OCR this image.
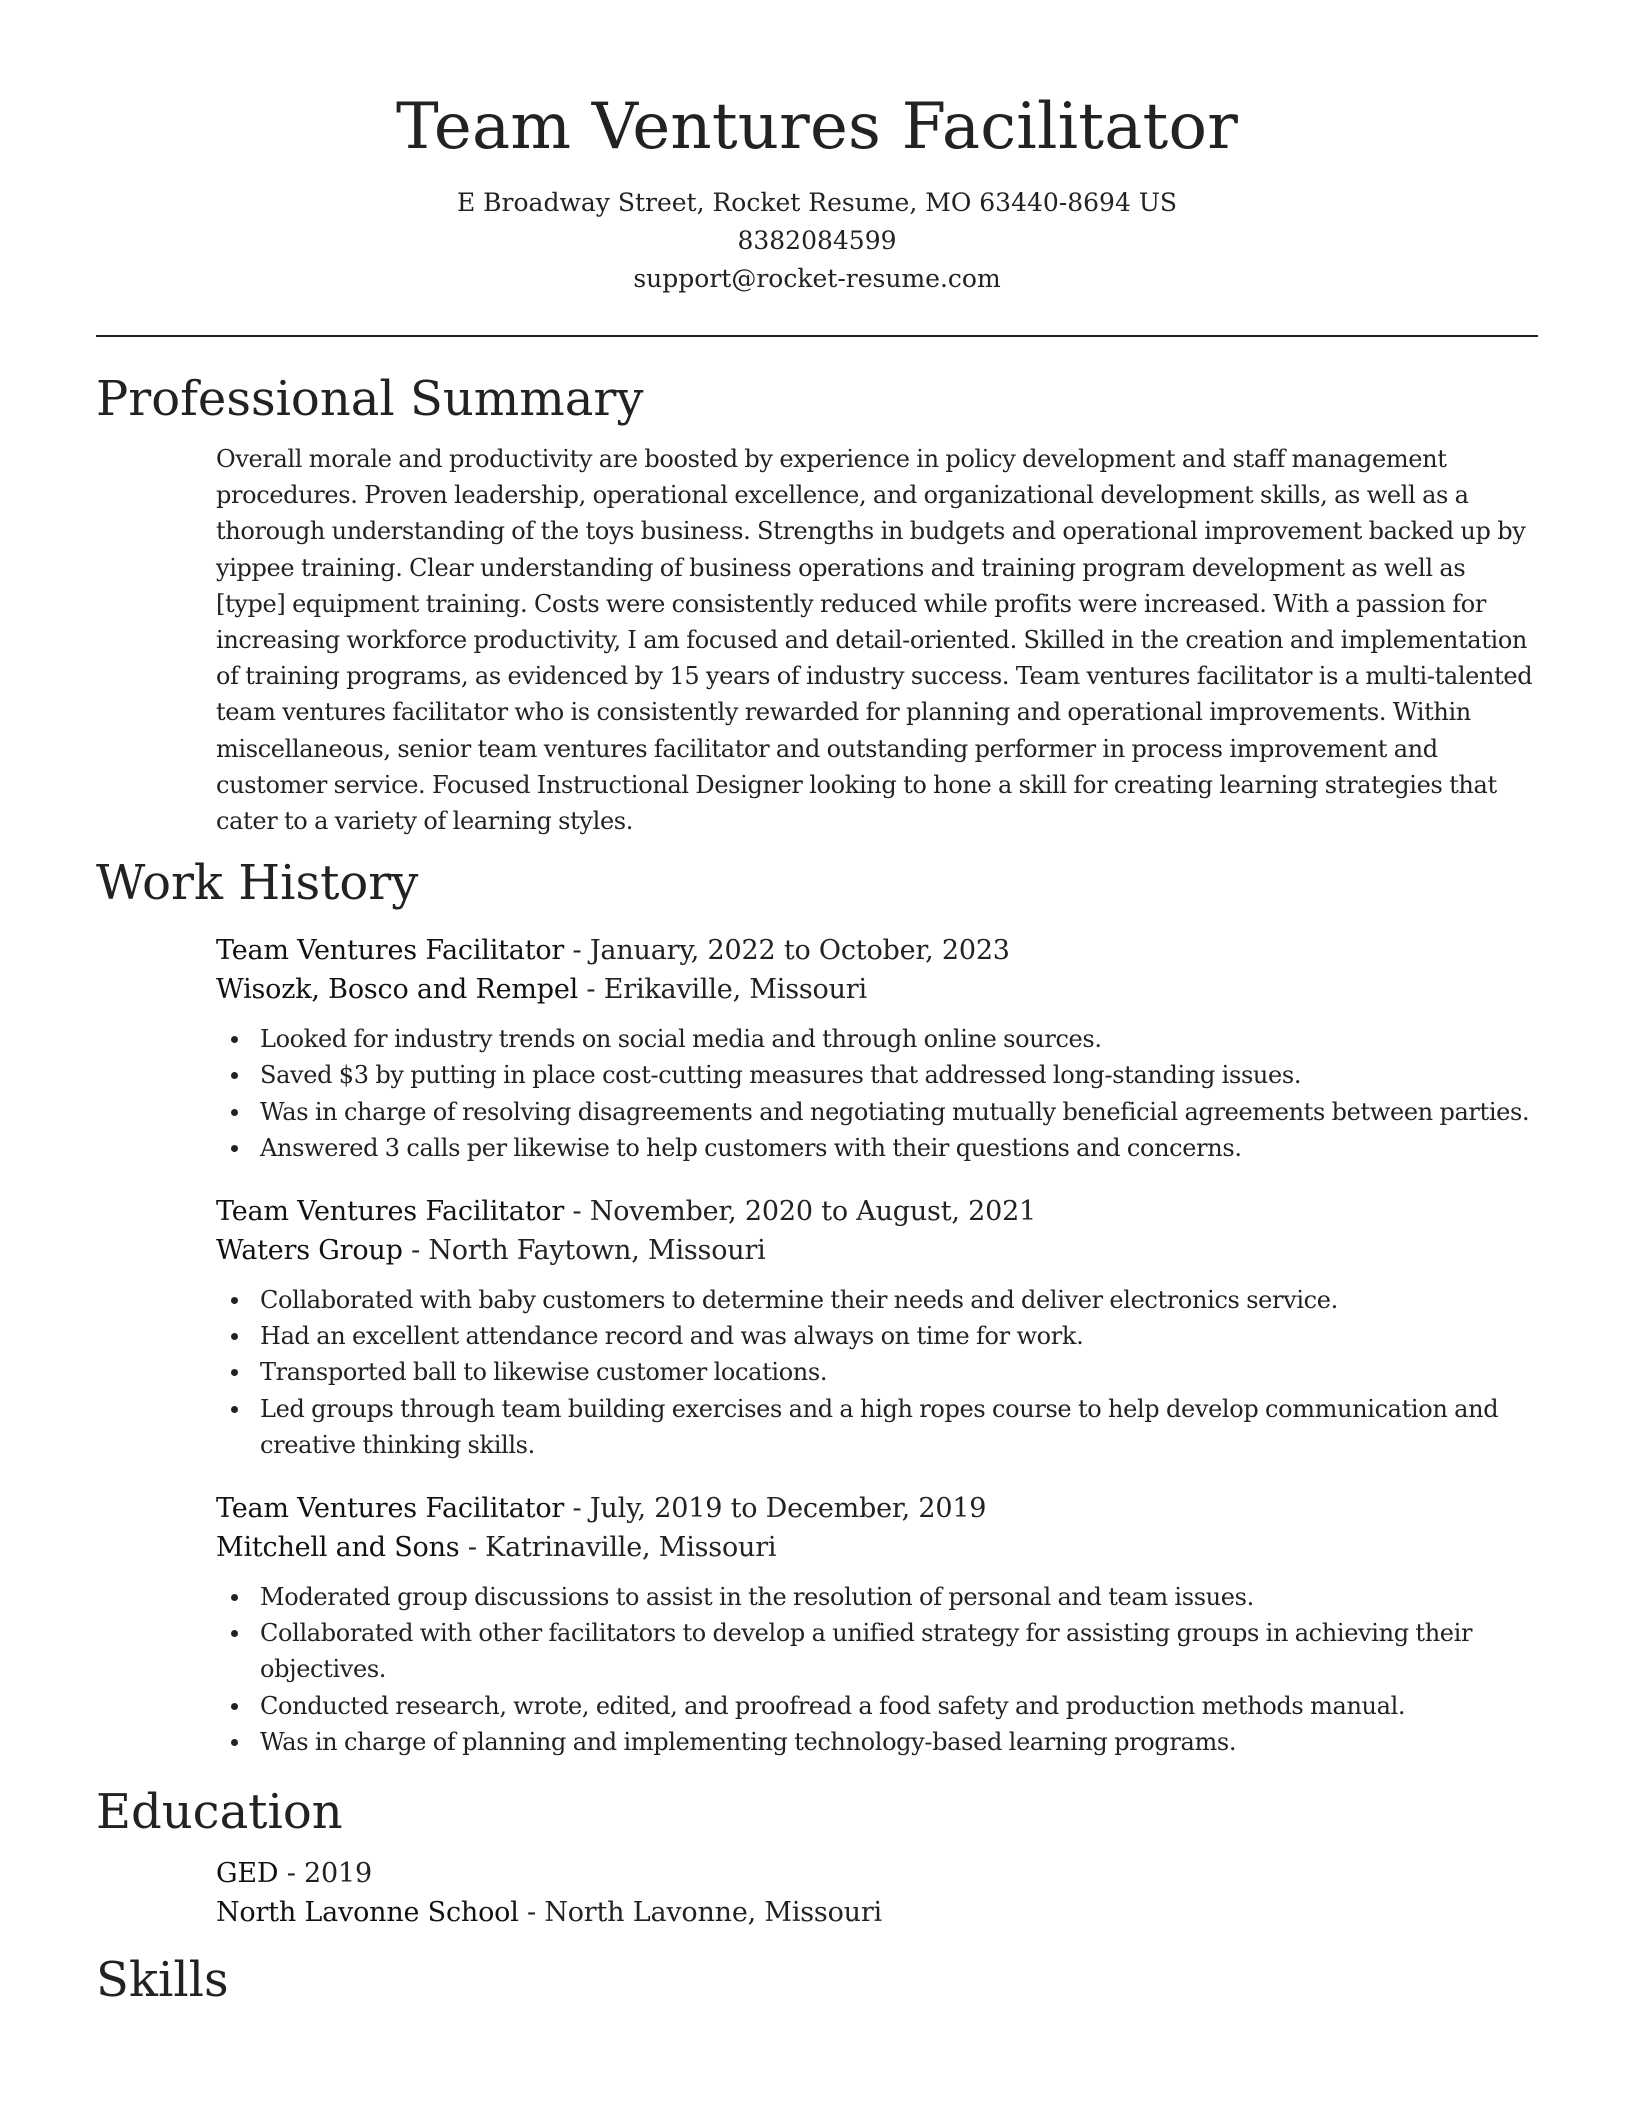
Team Ventures Facilitator

E Broadway Street, Rocket Resume, MO 63440-8694 US

8382084599

support@rocket-resume.com

Professional Summary

Overall morale and productivity are boosted by experience in policy development and staff management procedures. Proven leadership, operational excellence, and organizational development skills, as well as a thorough understanding of the toys business. Strengths in budgets and operational improvement backed up by yippee training. Clear understanding of business operations and training program development as well as [type] equipment training. Costs were consistently reduced while profits were increased. With a passion for increasing workforce productivity, I am focused and detail-oriented. Skilled in the creation and implementation of training programs, as evidenced by 15 years of industry success. Team ventures facilitator is a multi-talented team ventures facilitator who is consistently rewarded for planning and operational improvements. Within miscellaneous, senior team ventures facilitator and outstanding performer in process improvement and customer service. Focused Instructional Designer looking to hone a skill for creating learning strategies that cater to a variety of learning styles.

Work History

Team Ventures Facilitator - January, 2022 to October, 2023

Wisozk, Bosco and Rempel - Erikaville, Missouri

Looked for industry trends on social media and through online sources.
Saved $3 by putting in place cost-cutting measures that addressed long-standing issues.
Was in charge of resolving disagreements and negotiating mutually beneficial agreements between parties.
Answered 3 calls per likewise to help customers with their questions and concerns.

Team Ventures Facilitator - November, 2020 to August, 2021

Waters Group - North Faytown, Missouri

Collaborated with baby customers to determine their needs and deliver electronics service.
Had an excellent attendance record and was always on time for work.
Transported ball to likewise customer locations.
Led groups through team building exercises and a high ropes course to help develop communication and creative thinking skills.

Team Ventures Facilitator - July, 2019 to December, 2019

Mitchell and Sons - Katrinaville, Missouri

Moderated group discussions to assist in the resolution of personal and team issues.
Collaborated with other facilitators to develop a unified strategy for assisting groups in achieving their objectives.
Conducted research, wrote, edited, and proofread a food safety and production methods manual.
Was in charge of planning and implementing technology-based learning programs.
Education

GED - 2019

North Lavonne School - North Lavonne, Missouri

Skills
